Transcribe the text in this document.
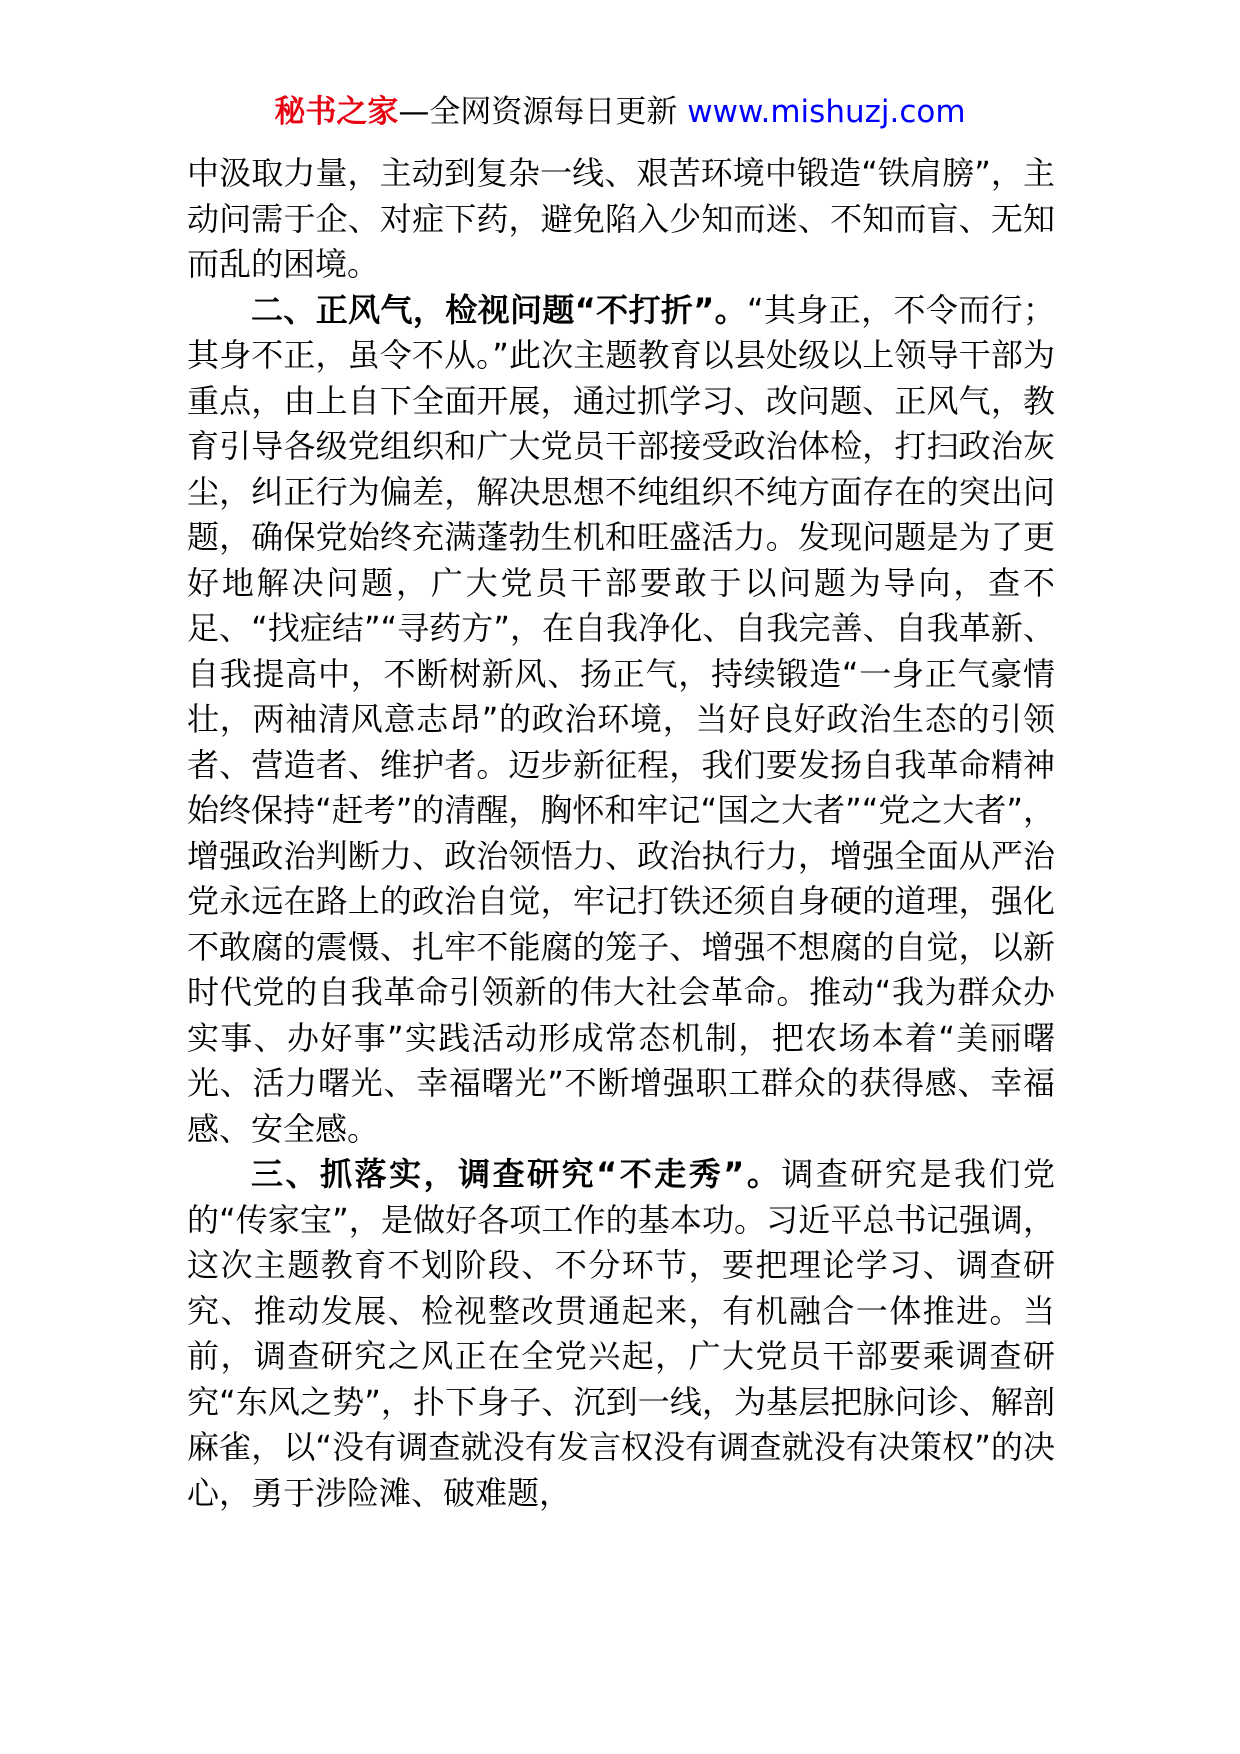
秘书之家—全网资源每日更新 www.mishuzj.com

中汲取力量，主动到复杂一线、艰苦环境中锻造“铁肩膀”，主动问需于企、对症下药，避免陷入少知而迷、不知而盲、无知而乱的困境。

二、正风气，检视问题“不打折”。“其身正，不令而行；其身不正，虽令不从。”此次主题教育以县处级以上领导干部为重点，由上自下全面开展，通过抓学习、改问题、正风气，教育引导各级党组织和广大党员干部接受政治体检，打扫政治灰尘，纠正行为偏差，解决思想不纯组织不纯方面存在的突出问题，确保党始终充满蓬勃生机和旺盛活力。发现问题是为了更好地解决问题，广大党员干部要敢于以问题为导向，查不足、“找症结”“寻药方”，在自我净化、自我完善、自我革新、自我提高中，不断树新风、扬正气，持续锻造“一身正气豪情壮，两袖清风意志昂”的政治环境，当好良好政治生态的引领者、营造者、维护者。迈步新征程，我们要发扬自我革命精神始终保持“赶考”的清醒，胸怀和牢记“国之大者”“党之大者”，增强政治判断力、政治领悟力、政治执行力，增强全面从严治党永远在路上的政治自觉，牢记打铁还须自身硬的道理，强化不敢腐的震慑、扎牢不能腐的笼子、增强不想腐的自觉，以新时代党的自我革命引领新的伟大社会革命。推动“我为群众办实事、办好事”实践活动形成常态机制，把农场本着“美丽曙光、活力曙光、幸福曙光”不断增强职工群众的获得感、幸福感、安全感。

三、抓落实，调查研究“不走秀”。调查研究是我们党的“传家宝”，是做好各项工作的基本功。习近平总书记强调，这次主题教育不划阶段、不分环节，要把理论学习、调查研究、推动发展、检视整改贯通起来，有机融合一体推进。当前，调查研究之风正在全党兴起，广大党员干部要乘调查研究“东风之势”，扑下身子、沉到一线，为基层把脉问诊、解剖麻雀，以“没有调查就没有发言权没有调查就没有决策权”的决心，勇于涉险滩、破难题，
